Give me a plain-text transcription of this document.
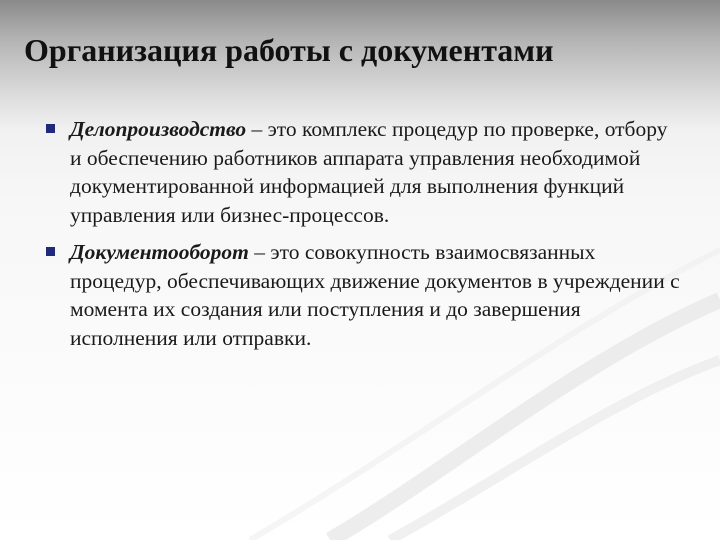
Организация работы с документами
Делопроизводство – это комплекс процедур по проверке, отбору и обеспечению работников аппарата управления необходимой документированной информацией для выполнения функций управления или бизнес-процессов.
Документооборот – это совокупность взаимосвязанных процедур, обеспечивающих движение документов в учреждении с момента их создания или поступления и до завершения исполнения или отправки.
